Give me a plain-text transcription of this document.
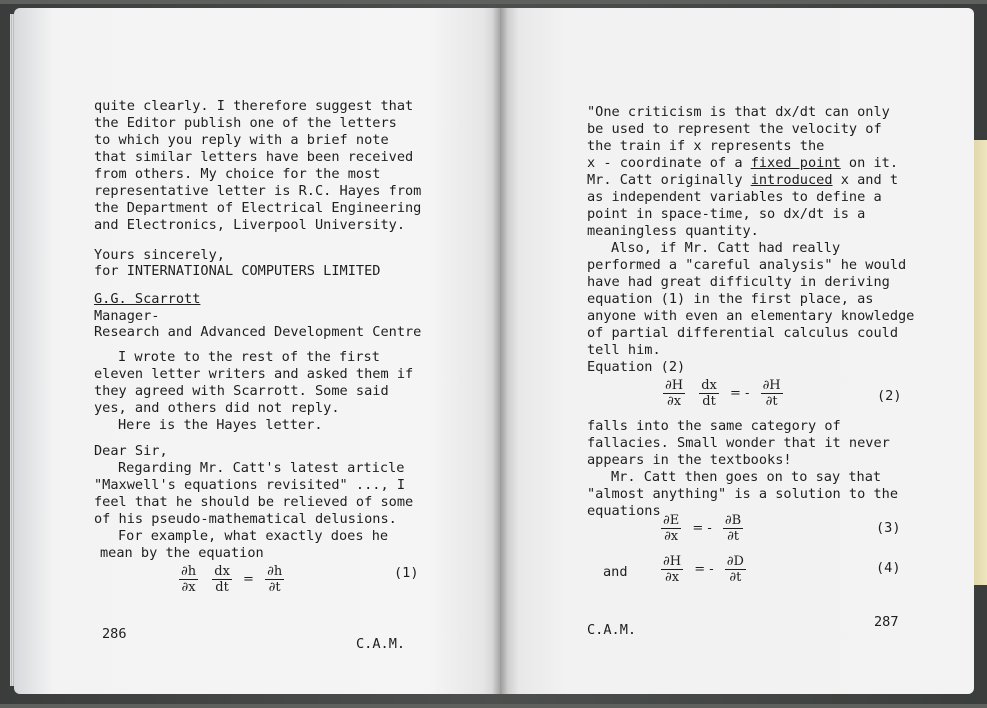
quite clearly. I therefore suggest that
the Editor publish one of the letters
to which you reply with a brief note
that similar letters have been received
from others. My choice for the most
representative letter is R.C. Hayes from
the Department of Electrical Engineering
and Electronics, Liverpool University.
Yours sincerely,
for INTERNATIONAL COMPUTERS LIMITED
G.G. Scarrott
Manager-
Research and Advanced Development Centre
I wrote to the rest of the first
eleven letter writers and asked them if
they agreed with Scarrott. Some said
yes, and others did not reply.
Here is the Hayes letter.
Dear Sir,
Regarding Mr. Catt's latest article
"Maxwell's equations revisited" ..., I
feel that he should be relieved of some
of his pseudo-mathematical delusions.
For example, what exactly does he
mean by the equation
$\frac{\partial h}{\partial x}$
$\frac{dx}{dt} = \frac{\partial h}{\partial t}$	(1)
286
C.A.M.
"One criticism is that dx/dt can only
be used to represent the velocity of
the train if x represents the
x - coordinate of a fixed point on it.
Mr. Catt originally introduced x and t
as independent variables to define a
point in space-time, so dx/dt is a
meaningless quantity.
Also, if Mr. Catt had really
performed a "careful analysis" he would
have had great difficulty in deriving
equation (1) in the first place, as
anyone with even an elementary knowledge
of partial differential calculus could
tell him.
Equation (2)
$\frac{\partial H}{\partial x}$
$\frac{dx}{dt}$ = - $\frac{\partial H}{\partial t}$	(2)
falls into the same category of
fallacies. Small wonder that it never
appears in the textbooks!
Mr. Catt then goes on to say that
"almost anything" is a solution to the
equations
$\frac{\partial E}{\partial x}$ = - $\frac{\partial B}{\partial t}$	(3)
and	$\frac{\partial H}{\partial x}$ = - $\frac{\partial D}{\partial t}$	(4)
C.A.M.	287
